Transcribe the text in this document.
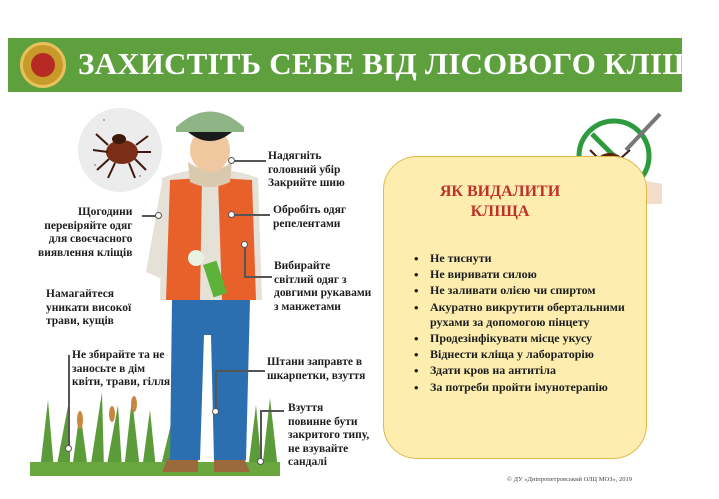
ЗАХИСТІТЬ СЕБЕ ВІД ЛІСОВОГО КЛІЩА
Надягніть
головний убір
Закрийте шию
Обробіть одяг
репелентами
Щогодини
перевіряйте одяг
для своєчасного
виявлення кліщів
Вибирайте
світлий одяг з
довгими рукавами
з манжетами
Намагайтеся
уникати високої
трави, кущів
Не збирайте та не
заносьте в дім
квіти, трави, гілля
Штани заправте в
шкарпетки, взуття
Взуття
повинне бути
закритого типу,
не взувайте
сандалі
ЯК ВИДАЛИТИ
КЛІЩА
• Не тиснути
• Не виривати силою
• Не заливати олією чи спиртом
• Акуратно викрутити обертальними рухами за допомогою пінцету
• Продезінфікувати місце укусу
• Віднести кліща у лабораторію
• Здати кров на антитіла
• За потреби пройти імунотерапію
© ДУ «Дніпропетровський ОЛЦ МОЗ», 2019
